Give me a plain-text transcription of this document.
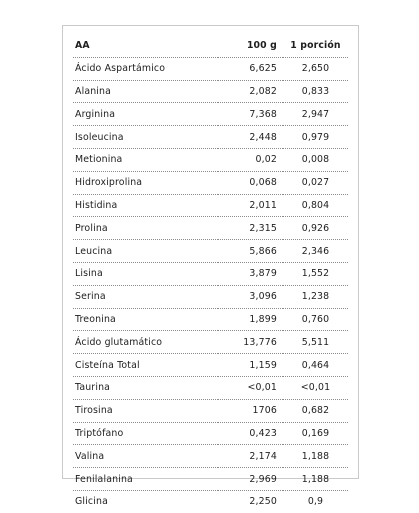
AA	100 g	1 porción
Ácido Aspartámico	6,625	2,650
Alanina	2,082	0,833
Arginina	7,368	2,947
Isoleucina	2,448	0,979
Metionina	0,02	0,008
Hidroxiprolina	0,068	0,027
Histidina	2,011	0,804
Prolina	2,315	0,926
Leucina	5,866	2,346
Lisina	3,879	1,552
Serina	3,096	1,238
Treonina	1,899	0,760
Ácido glutamático	13,776	5,511
Cisteína Total	1,159	0,464
Taurina	<0,01	<0,01
Tirosina	1706	0,682
Triptófano	0,423	0,169
Valina	2,174	1,188
Fenilalanina	2,969	1,188
Glicina	2,250	0,9
